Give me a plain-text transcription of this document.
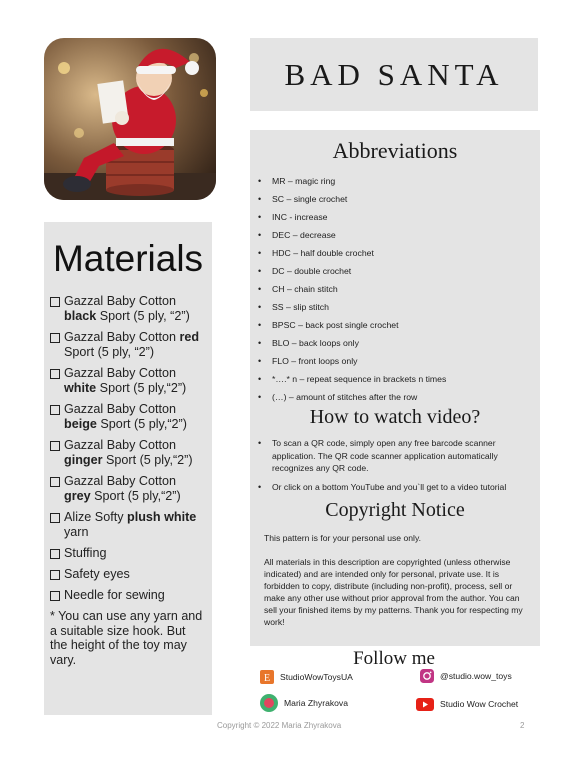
BAD SANTA
Materials
Gazzal Baby Cotton black Sport (5 ply, “2”)
Gazzal Baby Cotton red Sport (5 ply, “2”)
Gazzal Baby Cotton white Sport (5 ply,“2”)
Gazzal Baby Cotton beige Sport (5 ply,“2”)
Gazzal Baby Cotton ginger Sport (5 ply,“2”)
Gazzal Baby Cotton grey Sport (5 ply,“2”)
Alize Softy plush white yarn
Stuffing
Safety eyes
Needle for sewing
* You can use any yarn and a suitable size hook. But the height of the toy may vary.
Abbreviations
•	MR – magic ring
•	SC – single crochet
•	INC - increase
•	DEC – decrease
•	HDC – half double crochet
•	DC – double crochet
•	CH – chain stitch
•	SS – slip stitch
•	BPSC – back post single crochet
•	BLO – back loops only
•	FLO – front loops only
•	*….* n – repeat sequence in brackets n times
•	(…) – amount of stitches after the row
How to watch video?
•	To scan a QR code, simply open any free barcode scanner application. The QR code scanner application automatically recognizes any QR code.
•	Or click on a bottom YouTube and you`ll get to a video tutorial
Copyright Notice

This pattern is for your personal use only.

All materials in this description are copyrighted (unless otherwise indicated) and are intended only for personal, private use. It is forbidden to copy, distribute (including non-profit), process, sell or make any other use without prior approval from the author. You can sell your finished items by my patterns. Thank you for respecting my work!

Follow me
E StudioWowToysUA	@studio.wow_toys
Maria Zhyrakova	Studio Wow Crochet
Copyright © 2022 Maria Zhyrakova	2
